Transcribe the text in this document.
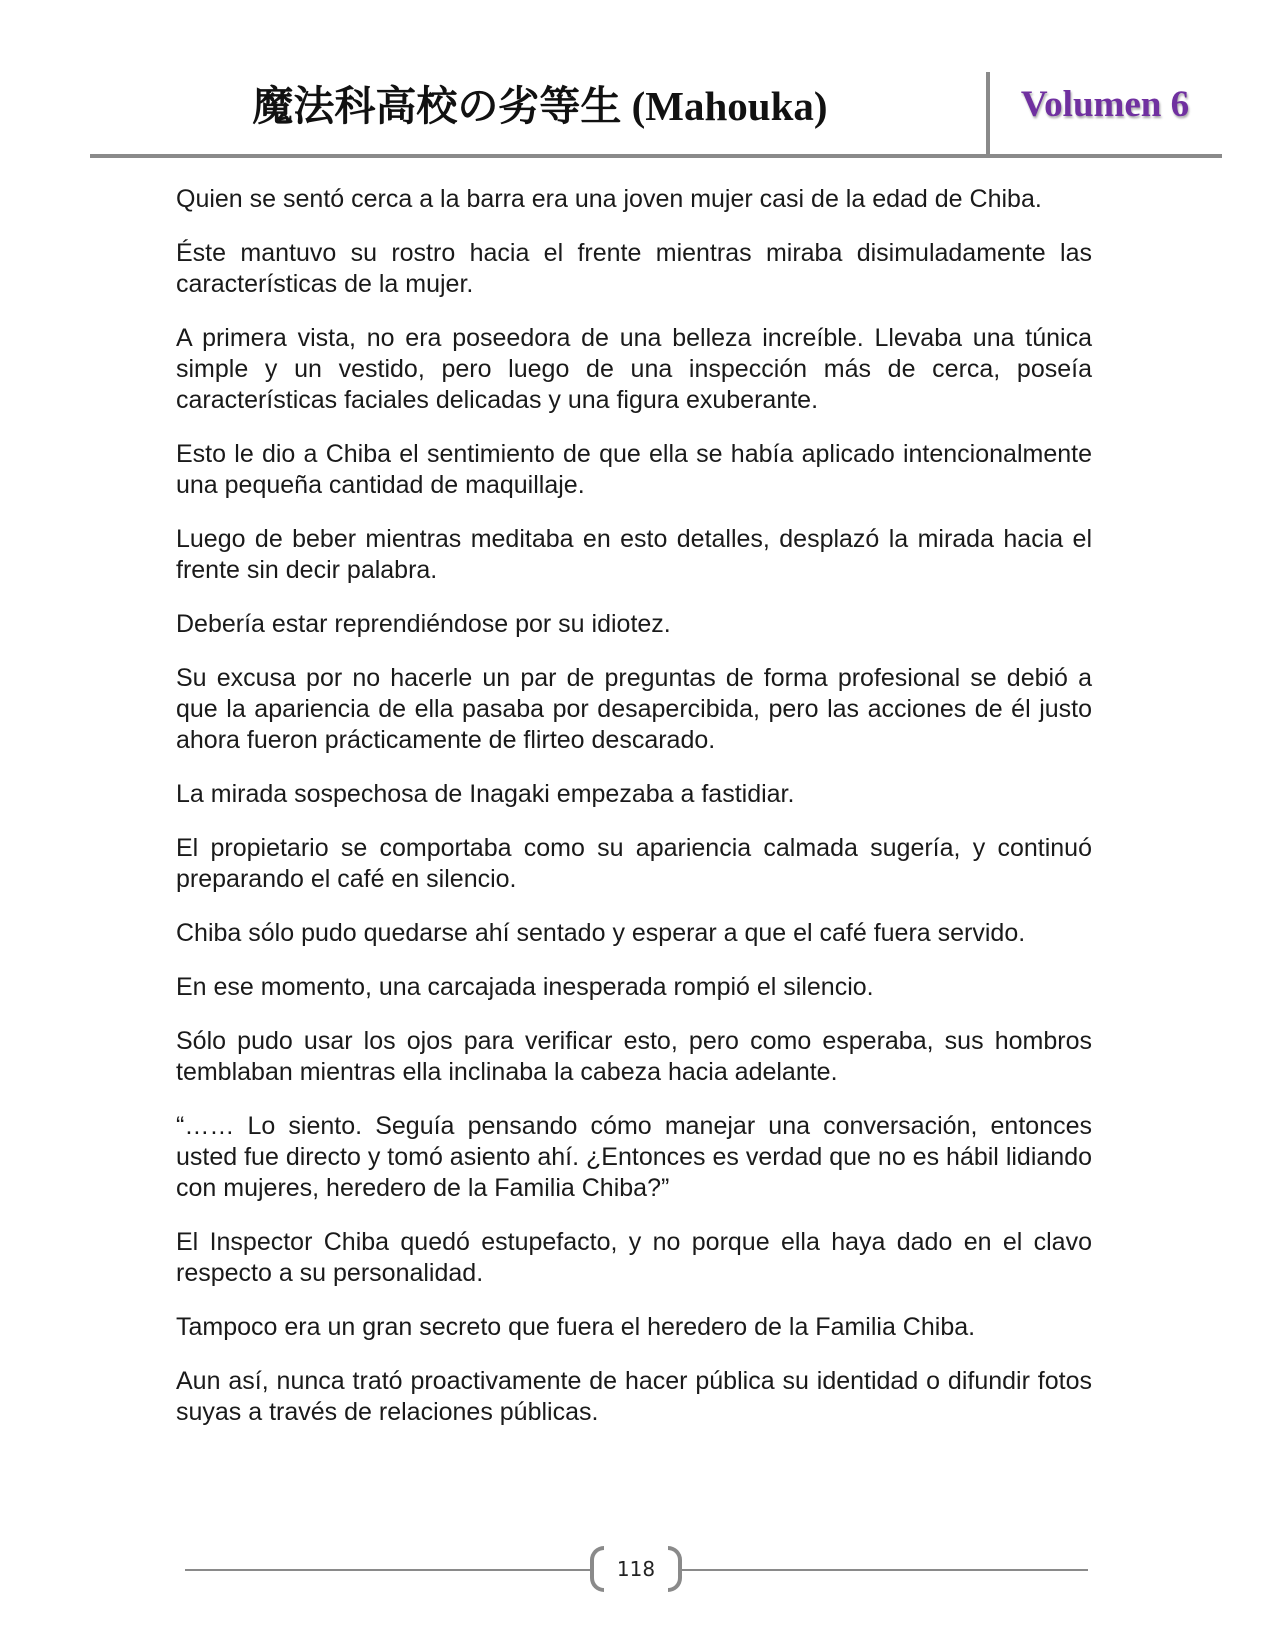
魔法科高校の劣等生 (Mahouka)	Volumen 6

Quien se sentó cerca a la barra era una joven mujer casi de la edad de Chiba.

Éste mantuvo su rostro hacia el frente mientras miraba disimuladamente las características de la mujer.

A primera vista, no era poseedora de una belleza increíble. Llevaba una túnica simple y un vestido, pero luego de una inspección más de cerca, poseía características faciales delicadas y una figura exuberante.

Esto le dio a Chiba el sentimiento de que ella se había aplicado intencionalmente una pequeña cantidad de maquillaje.

Luego de beber mientras meditaba en esto detalles, desplazó la mirada hacia el frente sin decir palabra.

Debería estar reprendiéndose por su idiotez.

Su excusa por no hacerle un par de preguntas de forma profesional se debió a que la apariencia de ella pasaba por desapercibida, pero las acciones de él justo ahora fueron prácticamente de flirteo descarado.

La mirada sospechosa de Inagaki empezaba a fastidiar.

El propietario se comportaba como su apariencia calmada sugería, y continuó preparando el café en silencio.

Chiba sólo pudo quedarse ahí sentado y esperar a que el café fuera servido.

En ese momento, una carcajada inesperada rompió el silencio.

Sólo pudo usar los ojos para verificar esto, pero como esperaba, sus hombros temblaban mientras ella inclinaba la cabeza hacia adelante.

“…… Lo siento. Seguía pensando cómo manejar una conversación, entonces usted fue directo y tomó asiento ahí. ¿Entonces es verdad que no es hábil lidiando con mujeres, heredero de la Familia Chiba?”

El Inspector Chiba quedó estupefacto, y no porque ella haya dado en el clavo respecto a su personalidad.

Tampoco era un gran secreto que fuera el heredero de la Familia Chiba.

Aun así, nunca trató proactivamente de hacer pública su identidad o difundir fotos suyas a través de relaciones públicas.

118
